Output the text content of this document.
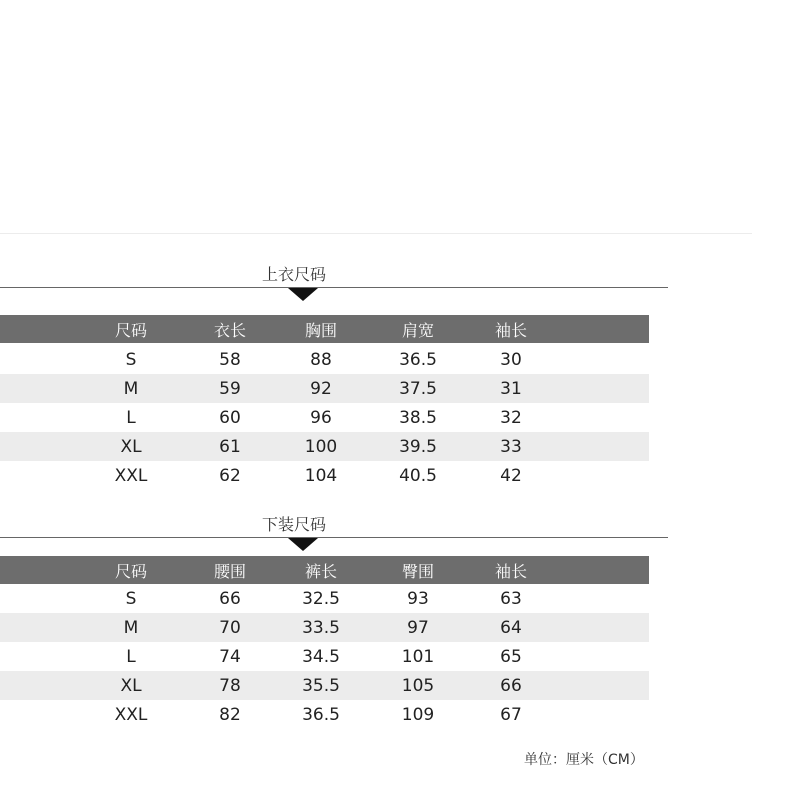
上衣尺码
尺码	衣长	胸围	肩宽	袖长
S	58	88	36.5	30
M	59	92	37.5	31
L	60	96	38.5	32
XL	61	100	39.5	33
XXL	62	104	40.5	42
下装尺码
尺码	腰围	裤长	臀围	袖长
S	66	32.5	93	63
M	70	33.5	97	64
L	74	34.5	101	65
XL	78	35.5	105	66
XXL	82	36.5	109	67
单位：厘米（CM）
